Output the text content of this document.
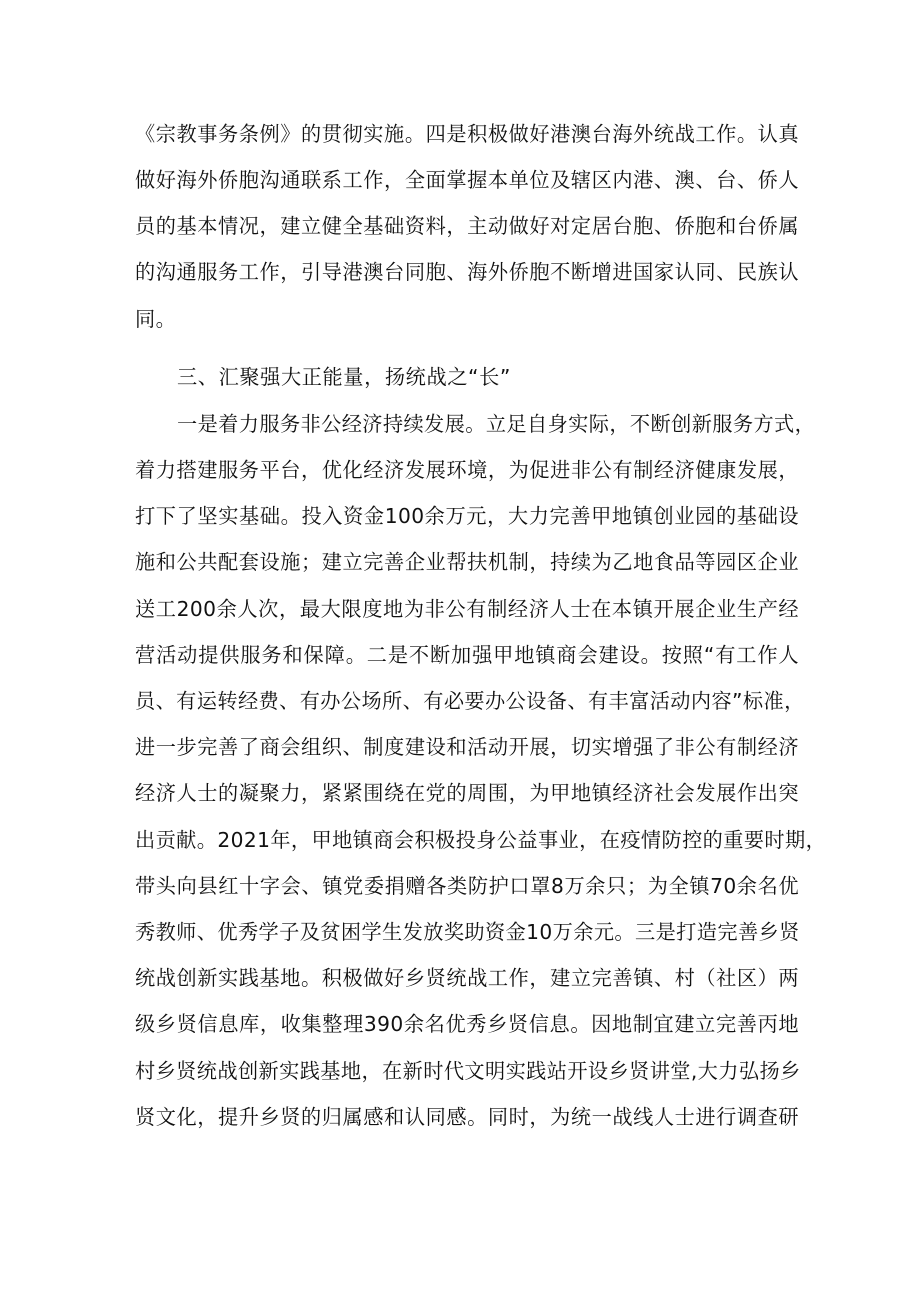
《宗教事务条例》的贯彻实施。四是积极做好港澳台海外统战工作。认真
做好海外侨胞沟通联系工作，全面掌握本单位及辖区内港、澳、台、侨人
员的基本情况，建立健全基础资料，主动做好对定居台胞、侨胞和台侨属
的沟通服务工作，引导港澳台同胞、海外侨胞不断增进国家认同、民族认
同。
三、汇聚强大正能量，扬统战之“长”
一是着力服务非公经济持续发展。立足自身实际，不断创新服务方式，
着力搭建服务平台，优化经济发展环境，为促进非公有制经济健康发展，
打下了坚实基础。投入资金100余万元，大力完善甲地镇创业园的基础设
施和公共配套设施；建立完善企业帮扶机制，持续为乙地食品等园区企业
送工200余人次，最大限度地为非公有制经济人士在本镇开展企业生产经
营活动提供服务和保障。二是不断加强甲地镇商会建设。按照“有工作人
员、有运转经费、有办公场所、有必要办公设备、有丰富活动内容”标准，
进一步完善了商会组织、制度建设和活动开展，切实增强了非公有制经济
经济人士的凝聚力，紧紧围绕在党的周围，为甲地镇经济社会发展作出突
出贡献。2021年，甲地镇商会积极投身公益事业，在疫情防控的重要时期，
带头向县红十字会、镇党委捐赠各类防护口罩8万余只；为全镇70余名优
秀教师、优秀学子及贫困学生发放奖助资金10万余元。三是打造完善乡贤
统战创新实践基地。积极做好乡贤统战工作，建立完善镇、村（社区）两
级乡贤信息库，收集整理390余名优秀乡贤信息。因地制宜建立完善丙地
村乡贤统战创新实践基地，在新时代文明实践站开设乡贤讲堂,大力弘扬乡
贤文化，提升乡贤的归属感和认同感。同时，为统一战线人士进行调查研
